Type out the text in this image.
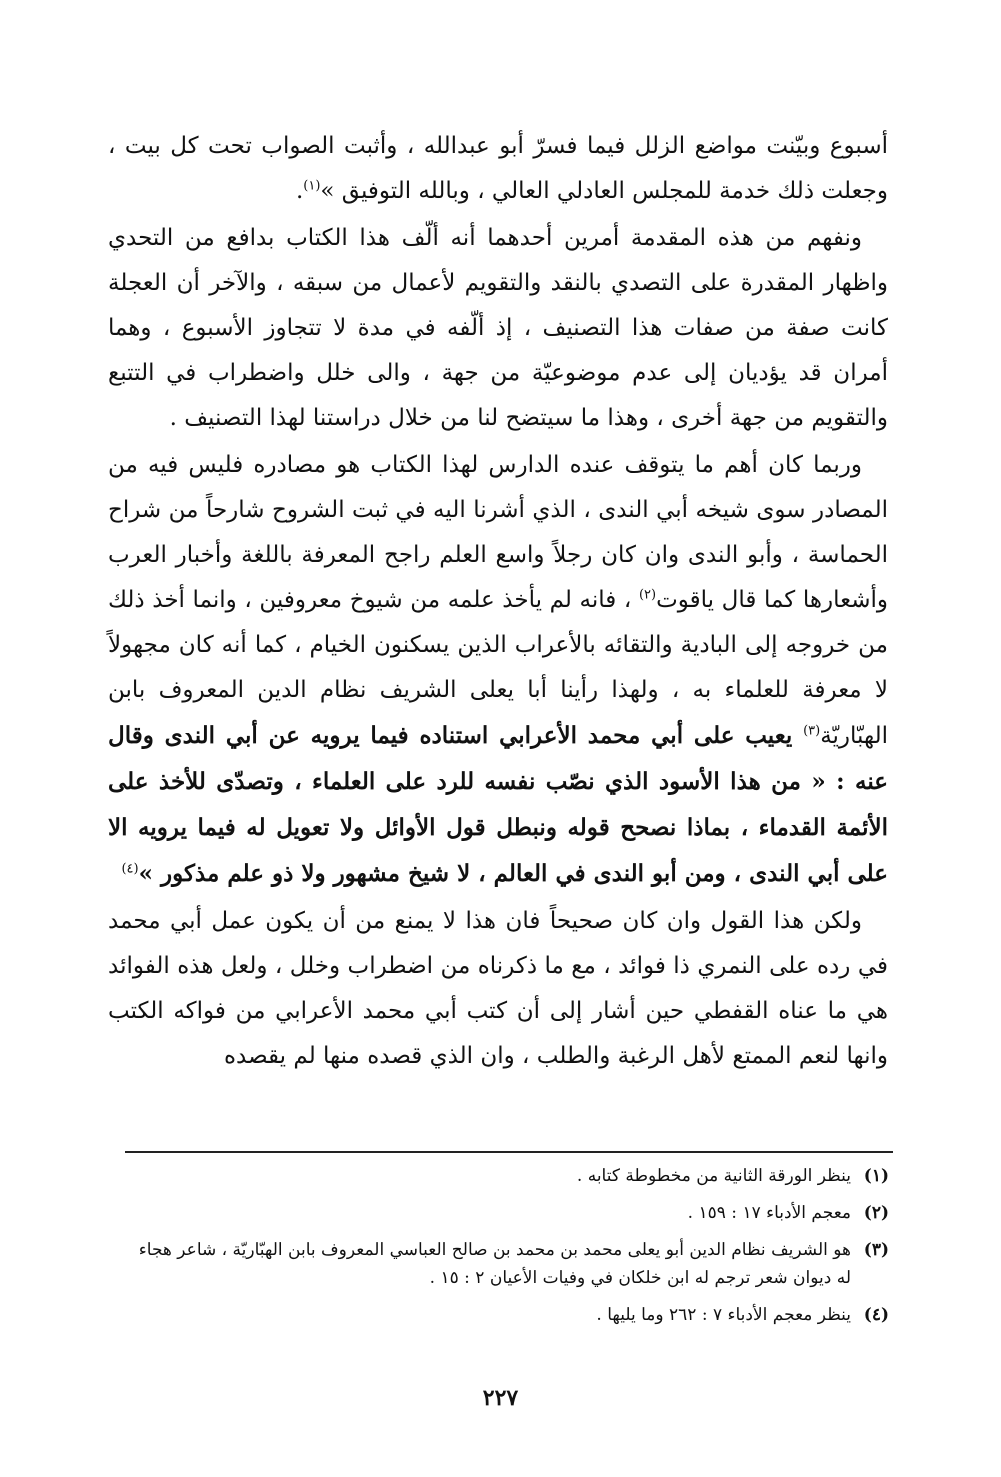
أسبوع وبيّنت مواضع الزلل فيما فسرّ أبو عبدالله ، وأثبت الصواب تحت كل بيت ، وجعلت ذلك خدمة للمجلس العادلي العالي ، وبالله التوفيق »$^{(١)}$.

ونفهم من هذه المقدمة أمرين أحدهما أنه ألّف هذا الكتاب بدافع من التحدي واظهار المقدرة على التصدي بالنقد والتقويم لأعمال من سبقه ، والآخر أن العجلة كانت صفة من صفات هذا التصنيف ، إذ ألّفه في مدة لا تتجاوز الأسبوع ، وهما أمران قد يؤديان إلى عدم موضوعيّة من جهة ، والى خلل واضطراب في التتبع والتقويم من جهة أخرى ، وهذا ما سيتضح لنا من خلال دراستنا لهذا التصنيف .

وربما كان أهم ما يتوقف عنده الدارس لهذا الكتاب هو مصادره فليس فيه من المصادر سوى شيخه أبي الندى ، الذي أشرنا اليه في ثبت الشروح شارحاً من شراح الحماسة ، وأبو الندى وان كان رجلاً واسع العلم راجح المعرفة باللغة وأخبار العرب وأشعارها كما قال ياقوت$^{(٢)}$ ، فانه لم يأخذ علمه من شيوخ معروفين ، وانما أخذ ذلك من خروجه إلى البادية والتقائه بالأعراب الذين يسكنون الخيام ، كما أنه كان مجهولاً لا معرفة للعلماء به ، ولهذا رأينا أبا يعلى الشريف نظام الدين المعروف بابن الهبّاريّة$^{(٣)}$ يعيب على أبي محمد الأعرابي استناده فيما يرويه عن أبي الندى وقال عنه : « من هذا الأسود الذي نصّب نفسه للرد على العلماء ، وتصدّى للأخذ على الأئمة القدماء ، بماذا نصحح قوله ونبطل قول الأوائل ولا تعويل له فيما يرويه الا على أبي الندى ، ومن أبو الندى في العالم ، لا شيخ مشهور ولا ذو علم مذكور »$^{(٤)}$

ولكن هذا القول وان كان صحيحاً فان هذا لا يمنع من أن يكون عمل أبي محمد في رده على النمري ذا فوائد ، مع ما ذكرناه من اضطراب وخلل ، ولعل هذه الفوائد هي ما عناه القفطي حين أشار إلى أن كتب أبي محمد الأعرابي من فواكه الكتب وانها لنعم الممتع لأهل الرغبة والطلب ، وان الذي قصده منها لم يقصده

(١)
ينظر الورقة الثانية من مخطوطة كتابه .
(٢)
معجم الأدباء ١٧ : ١٥٩ .
(٣)
هو الشريف نظام الدين أبو يعلى محمد بن محمد بن صالح العباسي المعروف بابن الهبّاريّة ، شاعر هجاء له ديوان شعر ترجم له ابن خلكان في وفيات الأعيان ٢ : ١٥ .
(٤)
ينظر معجم الأدباء ٧ : ٢٦٢ وما يليها .
٢٢٧
